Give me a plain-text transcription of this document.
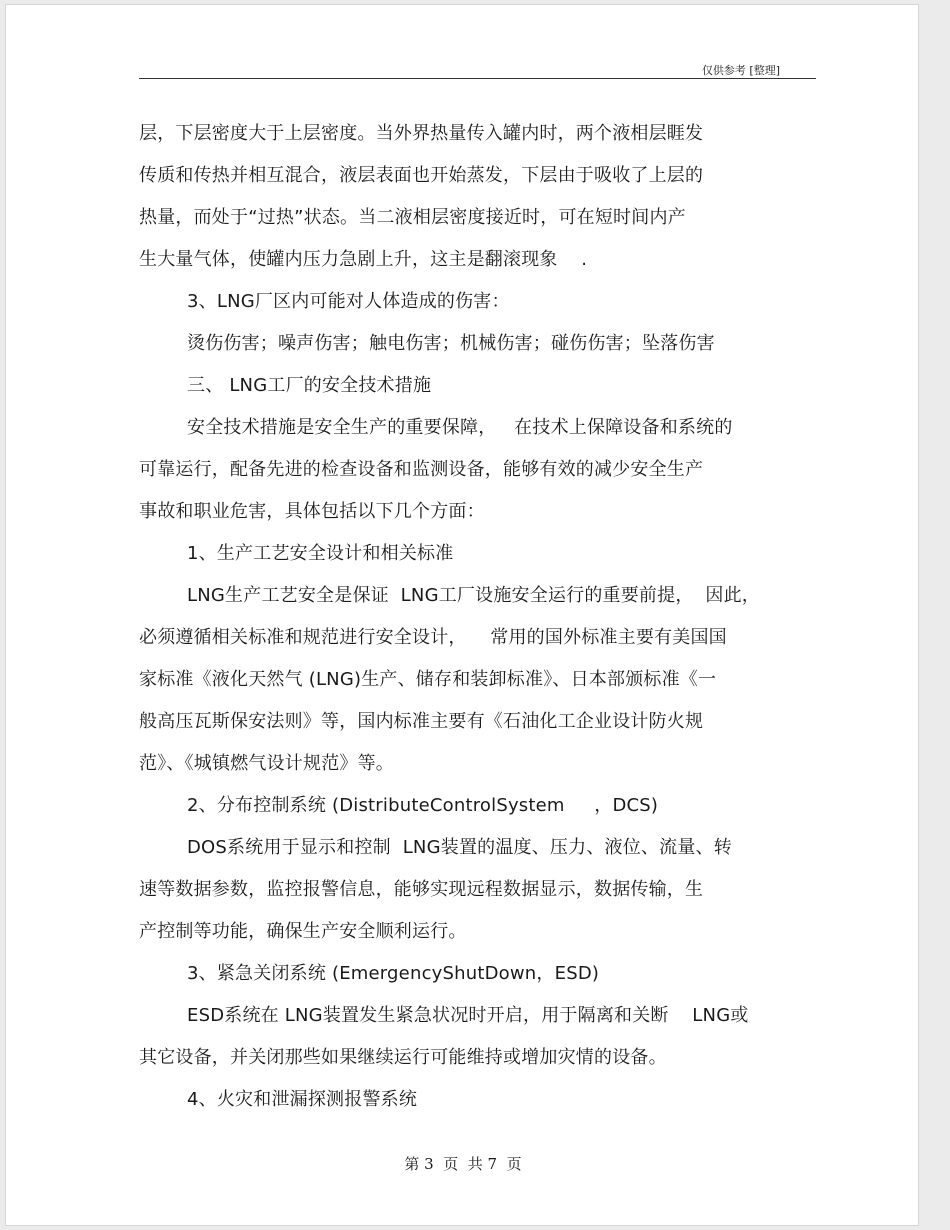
仅供参考 [整理]
层，下层密度大于上层密度。当外界热量传入罐内时，两个液相层睚发
传质和传热并相互混合，液层表面也开始蒸发，下层由于吸收了上层的
热量，而处于“过热”状态。当二液相层密度接近时，可在短时间内产
生大量气体，使罐内压力急剧上升，这主是翻滚现象    .
3、LNG厂区内可能对人体造成的伤害：
烫伤伤害；噪声伤害；触电伤害；机械伤害；碰伤伤害；坠落伤害
三、 LNG工厂的安全技术措施
安全技术措施是安全生产的重要保障，   在技术上保障设备和系统的
可靠运行，配备先进的检查设备和监测设备，能够有效的减少安全生产
事故和职业危害，具体包括以下几个方面：
1、生产工艺安全设计和相关标准
LNG生产工艺安全是保证  LNG工厂设施安全运行的重要前提，  因此，
必须遵循相关标准和规范进行安全设计，    常用的国外标准主要有美国国
家标准《液化天然气 (LNG)生产、储存和装卸标准》、日本部颁标准《一
般高压瓦斯保安法则》等，国内标准主要有《石油化工企业设计防火规
范》、《城镇燃气设计规范》等。
2、分布控制系统 (DistributeControlSystem     ，DCS)
DOS系统用于显示和控制  LNG装置的温度、压力、液位、流量、转
速等数据参数，监控报警信息，能够实现远程数据显示，数据传输，生
产控制等功能，确保生产安全顺利运行。
3、紧急关闭系统 (EmergencyShutDown，ESD)
ESD系统在 LNG装置发生紧急状况时开启，用于隔离和关断    LNG或
其它设备，并关闭那些如果继续运行可能维持或增加灾情的设备。
4、火灾和泄漏探测报警系统
第 3  页  共 7  页
